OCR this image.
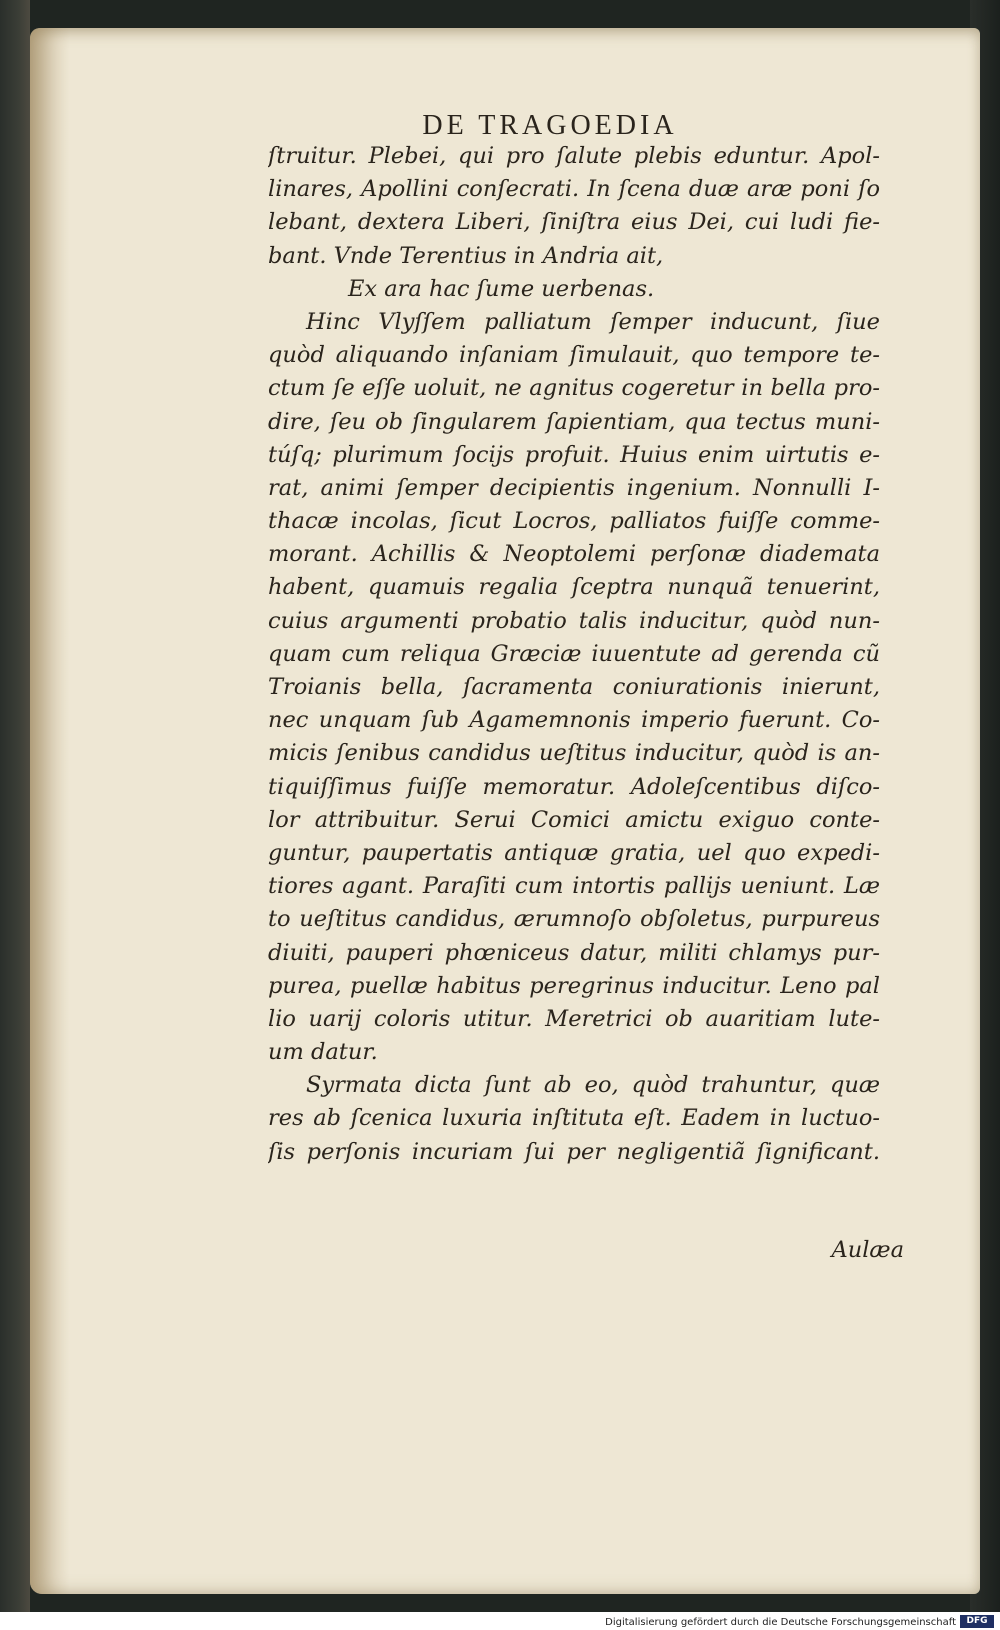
DE TRAGOEDIA
ſtruitur. Plebei, qui pro ſalute plebis eduntur. Apol-
linares, Apollini conſecrati. In ſcena duæ aræ poni ſo
lebant, dextera Liberi, ſiniſtra eius Dei, cui ludi fie-
bant. Vnde Terentius in Andria ait,
Ex ara hac ſume uerbenas.
Hinc Vlyſſem palliatum ſemper inducunt, ſiue
quòd aliquando inſaniam ſimulauit, quo tempore te-
ctum ſe eſſe uoluit, ne agnitus cogeretur in bella pro-
dire, ſeu ob ſingularem ſapientiam, qua tectus muni-
túſq; plurimum ſocijs profuit. Huius enim uirtutis e-
rat, animi ſemper decipientis ingenium. Nonnulli I-
thacæ incolas, ſicut Locros, palliatos fuiſſe comme-
morant. Achillis & Neoptolemi perſonæ diademata
habent, quamuis regalia ſceptra nunquã tenuerint,
cuius argumenti probatio talis inducitur, quòd nun-
quam cum reliqua Græciæ iuuentute ad gerenda cũ
Troianis bella, ſacramenta coniurationis inierunt,
nec unquam ſub Agamemnonis imperio fuerunt. Co-
micis ſenibus candidus ueſtitus inducitur, quòd is an-
tiquiſſimus fuiſſe memoratur. Adoleſcentibus diſco-
lor attribuitur. Serui Comici amictu exiguo conte-
guntur, paupertatis antiquæ gratia, uel quo expedi-
tiores agant. Paraſiti cum intortis pallijs ueniunt. Læ
to ueſtitus candidus, ærumnoſo obſoletus, purpureus
diuiti, pauperi phœniceus datur, militi chlamys pur-
purea, puellæ habitus peregrinus inducitur. Leno pal
lio uarij coloris utitur. Meretrici ob auaritiam lute-
um datur.
Syrmata dicta ſunt ab eo, quòd trahuntur, quæ
res ab ſcenica luxuria inſtituta eſt. Eadem in luctuo-
ſis perſonis incuriam ſui per negligentiã ſignificant.
Aulæa
Digitalisierung gefördert durch die Deutsche Forschungsgemeinschaft	DFG
